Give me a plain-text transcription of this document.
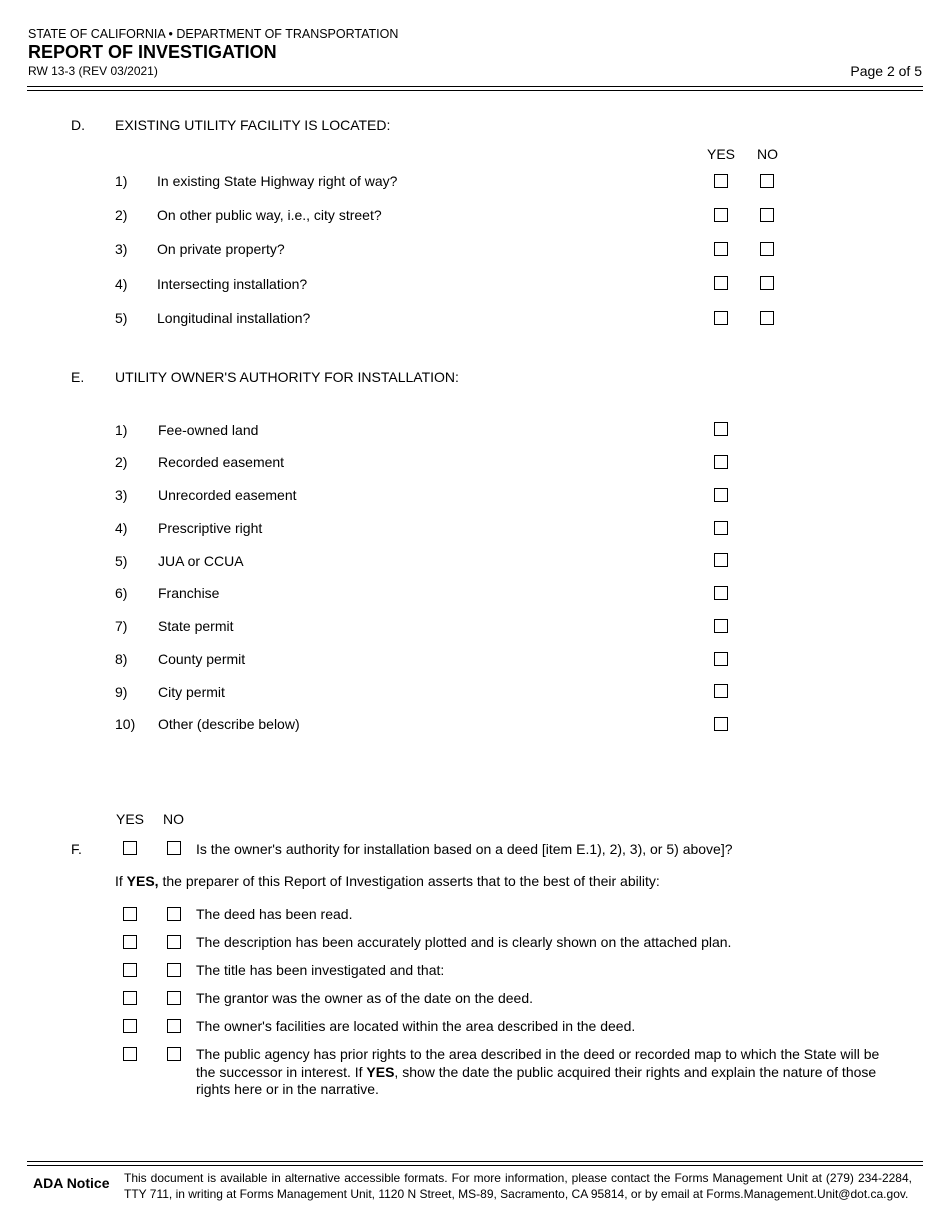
STATE OF CALIFORNIA • DEPARTMENT OF TRANSPORTATION
REPORT OF INVESTIGATION
RW 13-3 (REV 03/2021)	Page 2 of 5
D. EXISTING UTILITY FACILITY IS LOCATED:
YES NO
1) In existing State Highway right of way?
2) On other public way, i.e., city street?
3) On private property?
4) Intersecting installation?
5) Longitudinal installation?
E. UTILITY OWNER'S AUTHORITY FOR INSTALLATION:
1) Fee-owned land
2) Recorded easement
3) Unrecorded easement
4) Prescriptive right
5) JUA or CCUA
6) Franchise
7) State permit
8) County permit
9) City permit
10) Other (describe below)
YES NO
F.	Is the owner's authority for installation based on a deed [item E.1), 2), 3), or 5) above]?
If YES, the preparer of this Report of Investigation asserts that to the best of their ability:
The deed has been read.
The description has been accurately plotted and is clearly shown on the attached plan.
The title has been investigated and that:
The grantor was the owner as of the date on the deed.
The owner's facilities are located within the area described in the deed.
The public agency has prior rights to the area described in the deed or recorded map to which the State will be the successor in interest. If YES, show the date the public acquired their rights and explain the nature of those rights here or in the narrative.
ADA Notice This document is available in alternative accessible formats. For more information, please contact the Forms Management Unit at (279) 234-2284, TTY 711, in writing at Forms Management Unit, 1120 N Street, MS-89, Sacramento, CA 95814, or by email at Forms.Management.Unit@dot.ca.gov.
